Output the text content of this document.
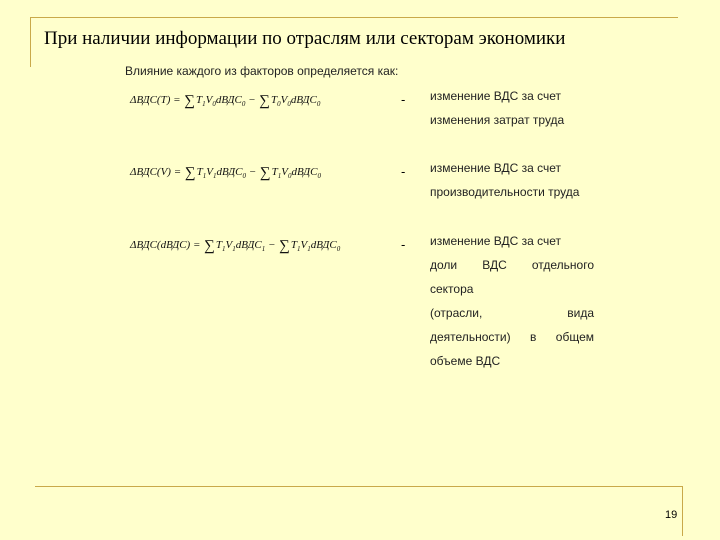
При наличии информации по отраслям или секторам экономики
Влияние каждого из факторов определяется как:
$\Delta ВДС(T) = \sum T_1V_0dВДС_0$ − $\sum T_0V_0dВДС_0$	- изменение ВДС за счет
изменения затрат труда
$\Delta ВДС(V) = \sum T_1V_1dВДС_0$ − $\sum T_1V_0dВДС_0$	- изменение ВДС за счет
производительности труда
ΔВДС(dВДС) = $\sum T_1V_1dВДС_1$ − $\sum T_1V_1dВДС_0$	- изменение ВДС за счет
доли ВДС отдельного
сектора
(отрасли,	вида
деятельности) в общем
объеме ВДС
19
